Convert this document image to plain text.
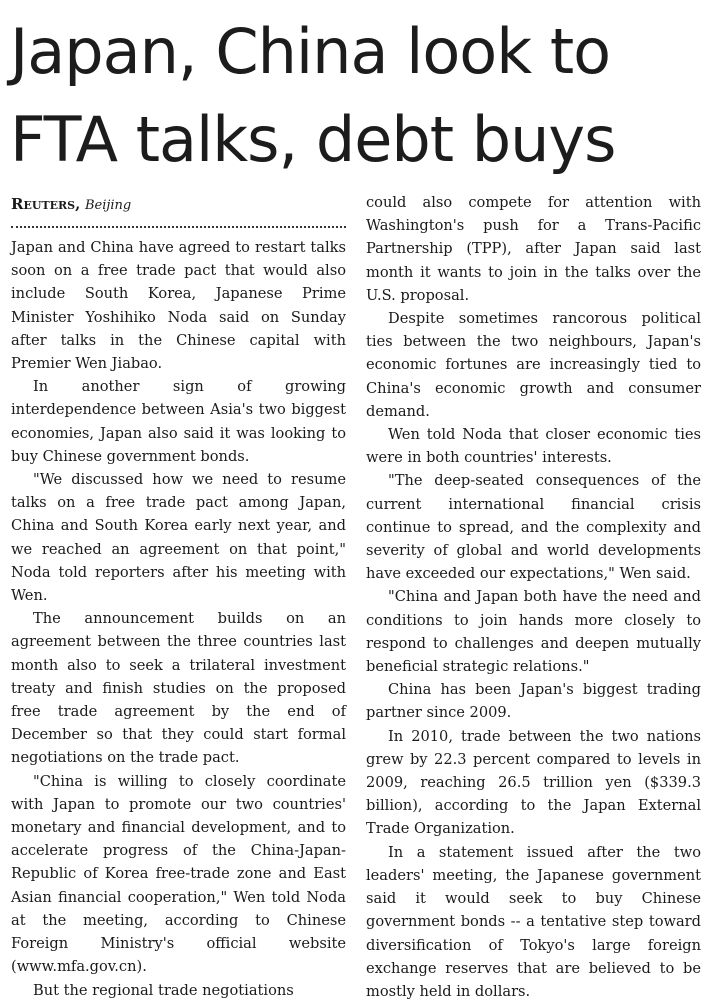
Japan, China look to
FTA talks, debt buys

Reuters, Beijing

Japan and China have agreed to restart talks soon on a free trade pact that would also include South Korea, Japanese Prime Minister Yoshihiko Noda said on Sunday after talks in the Chinese capital with Premier Wen Jiabao.

In another sign of growing interdependence between Asia's two biggest economies, Japan also said it was looking to buy Chinese government bonds.

"We discussed how we need to resume talks on a free trade pact among Japan, China and South Korea early next year, and we reached an agreement on that point," Noda told reporters after his meeting with Wen.

The announcement builds on an agreement between the three countries last month also to seek a trilateral investment treaty and finish studies on the proposed free trade agreement by the end of December so that they could start formal negotiations on the trade pact.

"China is willing to closely coordinate with Japan to promote our two countries' monetary and financial development, and to accelerate progress of the China-Japan-Republic of Korea free-trade zone and East Asian financial cooperation," Wen told Noda at the meeting, according to Chinese Foreign Ministry's official website (www.mfa.gov.cn).

But the regional trade negotiations

could also compete for attention with Washington's push for a Trans-Pacific Partnership (TPP), after Japan said last month it wants to join in the talks over the U.S. proposal.

Despite sometimes rancorous political ties between the two neighbours, Japan's economic fortunes are increasingly tied to China's economic growth and consumer demand.

Wen told Noda that closer economic ties were in both countries' interests.

"The deep-seated consequences of the current international financial crisis continue to spread, and the complexity and severity of global and world developments have exceeded our expectations," Wen said.

"China and Japan both have the need and conditions to join hands more closely to respond to challenges and deepen mutually beneficial strategic relations."

China has been Japan's biggest trading partner since 2009.

In 2010, trade between the two nations grew by 22.3 percent compared to levels in 2009, reaching 26.5 trillion yen ($339.3 billion), according to the Japan External Trade Organization.

In a statement issued after the two leaders' meeting, the Japanese government said it would seek to buy Chinese government bonds -- a tentative step toward diversification of Tokyo's large foreign exchange reserves that are believed to be mostly held in dollars.
